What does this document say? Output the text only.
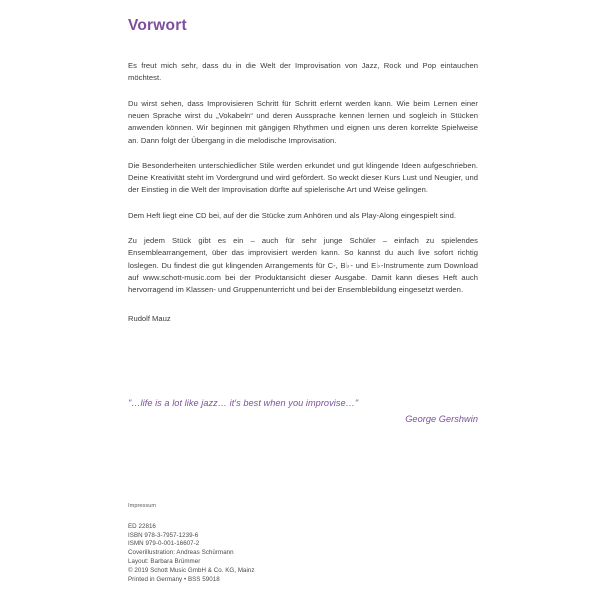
Vorwort

Es freut mich sehr, dass du in die Welt der Improvisation von Jazz, Rock und Pop eintauchen möchtest.

Du wirst sehen, dass Improvisieren Schritt für Schritt erlernt werden kann. Wie beim Lernen einer neuen Sprache wirst du „Vokabeln“ und deren Aussprache kennen lernen und sogleich in Stücken anwenden können. Wir beginnen mit gängigen Rhythmen und eignen uns deren korrekte Spielweise an. Dann folgt der Übergang in die melodische Improvisation.

Die Besonderheiten unterschiedlicher Stile werden erkundet und gut klingende Ideen aufgeschrieben. Deine Kreativität steht im Vordergrund und wird gefördert. So weckt dieser Kurs Lust und Neugier, und der Einstieg in die Welt der Improvisation dürfte auf spielerische Art und Weise gelingen.

Dem Heft liegt eine CD bei, auf der die Stücke zum Anhören und als Play-Along eingespielt sind.

Zu jedem Stück gibt es ein – auch für sehr junge Schüler – einfach zu spielendes Ensemblearrangement, über das improvisiert werden kann. So kannst du auch live sofort richtig loslegen. Du findest die gut klingenden Arrangements für C-, B♭- und E♭-Instrumente zum Download auf www.schott-music.com bei der Produktansicht dieser Ausgabe. Damit kann dieses Heft auch hervorragend im Klassen- und Gruppenunterricht und bei der Ensemblebildung eingesetzt werden.

Rudolf Mauz

"…life is a lot like jazz… it's best when you improvise…"

George Gershwin

Impressum

ED 22816

ISBN 978-3-7957-1239-6

ISMN 979-0-001-16607-2

Coverillustration: Andreas Schürmann

Layout: Barbara Brümmer

© 2019 Schott Music GmbH & Co. KG, Mainz

Printed in Germany • BSS 59018
